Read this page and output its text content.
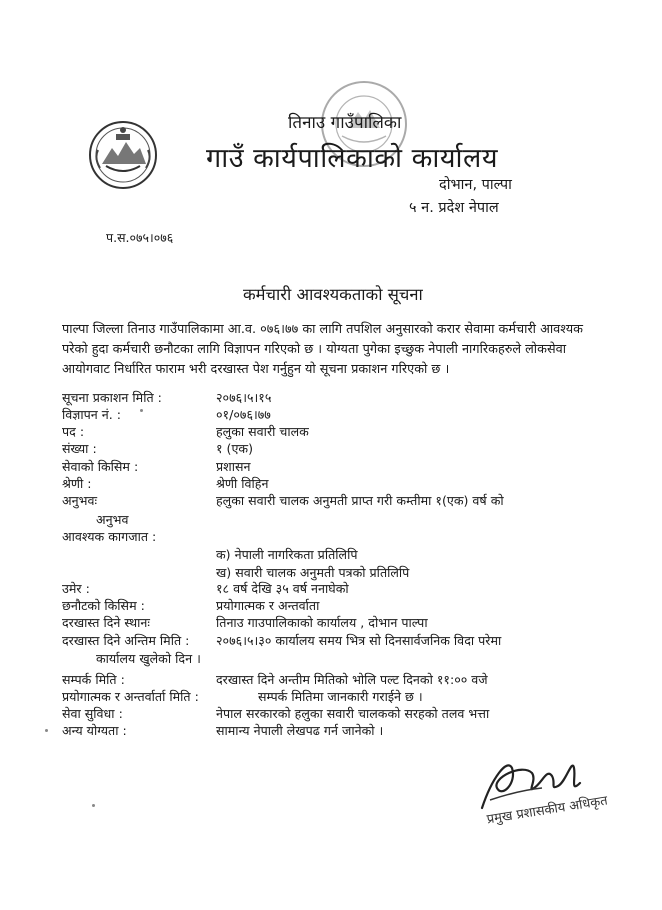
तिनाउ गाउँपालिका
गाउँ कार्यपालिकाको कार्यालय
दोभान, पाल्पा
५ न. प्रदेश नेपाल
प.स.०७५।०७६
कर्मचारी आवश्यकताको सूचना
पाल्पा जिल्ला तिनाउ गाउँपालिकामा आ.व. ०७६।७७ का लागि तपशिल अनुसारको करार सेवामा कर्मचारी आवश्यक
परेको हुदा कर्मचारी छनौटका लागि विज्ञापन गरिएको छ । योग्यता पुगेका इच्छुक नेपाली नागरिकहरुले लोकसेवा
आयोगवाट निर्धारित फाराम भरी दरखास्त पेश गर्नुहुन यो सूचना प्रकाशन गरिएको छ ।
सूचना प्रकाशन मिति :	२०७६।५।१५
विज्ञापन नं. :	०१/०७६।७७
पद :	हलुका सवारी चालक
संख्या :	१ (एक)
सेवाको किसिम :	प्रशासन
श्रेणी :	श्रेणी विहिन
अनुभवः	हलुका सवारी चालक अनुमती प्राप्त गरी कम्तीमा १(एक) वर्ष को
अनुभव
आवश्यक कागजात :
क) नेपाली नागरिकता प्रतिलिपि
ख) सवारी चालक अनुमती पत्रको प्रतिलिपि
उमेर :	१८ वर्ष देखि ३५ वर्ष ननाघेको
छनौटको किसिम :	प्रयोगात्मक र अन्तर्वाता
दरखास्त दिने स्थानः	तिनाउ गाउपालिकाको कार्यालय , दोभान पाल्पा
दरखास्त दिने अन्तिम मिति : २०७६।५।३० कार्यालय समय भित्र सो दिनसार्वजनिक विदा परेमा
कार्यालय खुलेको दिन ।
सम्पर्क मिति :	दरखास्त दिने अन्तीम मितिको भोलि पल्ट दिनको ११:०० वजे
प्रयोगात्मक र अन्तर्वार्ता मिति :	सम्पर्क मितिमा जानकारी गराईने छ ।
सेवा सुविधा :	नेपाल सरकारको हलुका सवारी चालकको सरहको तलव भत्ता
अन्य योग्यता :	सामान्य नेपाली लेखपढ गर्न जानेको ।
प्रमुख प्रशासकीय अधिकृत
